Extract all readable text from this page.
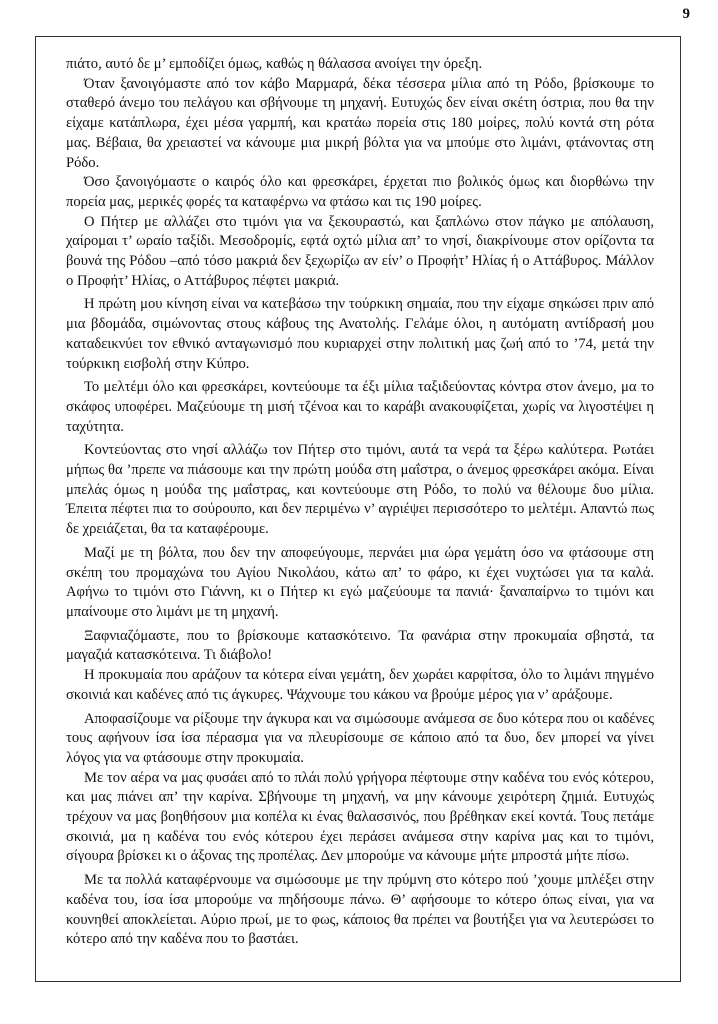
9

πιάτο, αυτό δε μ’ εμποδίζει όμως, καθώς η θάλασσα ανοίγει την όρεξη.

Όταν ξανοιγόμαστε από τον κάβο Μαρμαρά, δέκα τέσσερα μίλια από τη Ρόδο, βρίσκουμε το σταθερό άνεμο του πελάγου και σβήνουμε τη μηχανή. Ευτυχώς δεν είναι σκέτη όστρια, που θα την είχαμε κατάπλωρα, έχει μέσα γαρμπή, και κρατάω πορεία στις 180 μοίρες, πολύ κοντά στη ρότα μας. Βέβαια, θα χρειαστεί να κάνουμε μια μικρή βόλτα για να μπούμε στο λιμάνι, φτάνοντας στη Ρόδο.

Όσο ξανοιγόμαστε ο καιρός όλο και φρεσκάρει, έρχεται πιο βολικός όμως και διορθώνω την πορεία μας, μερικές φορές τα καταφέρνω να φτάσω και τις 190 μοίρες.

Ο Πήτερ με αλλάζει στο τιμόνι για να ξεκουραστώ, και ξαπλώνω στον πάγκο με απόλαυση, χαίρομαι τ’ ωραίο ταξίδι. Μεσοδρομίς, εφτά οχτώ μίλια απ’ το νησί, διακρίνουμε στον ορίζοντα τα βουνά της Ρόδου –από τόσο μακριά δεν ξεχωρίζω αν είν’ ο Προφήτ’ Ηλίας ή ο Αττάβυρος. Μάλλον ο Προφήτ’ Ηλίας, ο Αττάβυρος πέφτει μακριά.

Η πρώτη μου κίνηση είναι να κατεβάσω την τούρκικη σημαία, που την είχαμε σηκώσει πριν από μια βδομάδα, σιμώνοντας στους κάβους της Ανατολής. Γελάμε όλοι, η αυτόματη αντίδρασή μου καταδεικνύει τον εθνικό ανταγωνισμό που κυριαρχεί στην πολιτική μας ζωή από το ’74, μετά την τούρκικη εισβολή στην Κύπρο.

Το μελτέμι όλο και φρεσκάρει, κοντεύουμε τα έξι μίλια ταξιδεύοντας κόντρα στον άνεμο, μα το σκάφος υποφέρει. Μαζεύουμε τη μισή τζένοα και το καράβι ανακουφίζεται, χωρίς να λιγοστέψει η ταχύτητα.

Κοντεύοντας στο νησί αλλάζω τον Πήτερ στο τιμόνι, αυτά τα νερά τα ξέρω καλύτερα. Ρωτάει μήπως θα ’πρεπε να πιάσουμε και την πρώτη μούδα στη μαΐστρα, ο άνεμος φρεσκάρει ακόμα. Είναι μπελάς όμως η μούδα της μαΐστρας, και κοντεύουμε στη Ρόδο, το πολύ να θέλουμε δυο μίλια. Έπειτα πέφτει πια το σούρουπο, και δεν περιμένω ν’ αγριέψει περισσότερο το μελτέμι. Απαντώ πως δε χρειάζεται, θα τα καταφέρουμε.

Μαζί με τη βόλτα, που δεν την αποφεύγουμε, περνάει μια ώρα γεμάτη όσο να φτάσουμε στη σκέπη του προμαχώνα του Αγίου Νικολάου, κάτω απ’ το φάρο, κι έχει νυχτώσει για τα καλά. Αφήνω το τιμόνι στο Γιάννη, κι ο Πήτερ κι εγώ μαζεύουμε τα πανιά· ξαναπαίρνω το τιμόνι και μπαίνουμε στο λιμάνι με τη μηχανή.

Ξαφνιαζόμαστε, που το βρίσκουμε κατασκότεινο. Τα φανάρια στην προκυμαία σβηστά, τα μαγαζιά κατασκότεινα. Τι διάβολο!

Η προκυμαία που αράζουν τα κότερα είναι γεμάτη, δεν χωράει καρφίτσα, όλο το λιμάνι πηγμένο σκοινιά και καδένες από τις άγκυρες. Ψάχνουμε του κάκου να βρούμε μέρος για ν’ αράξουμε.

Αποφασίζουμε να ρίξουμε την άγκυρα και να σιμώσουμε ανάμεσα σε δυο κότερα που οι καδένες τους αφήνουν ίσα ίσα πέρασμα για να πλευρίσουμε σε κάποιο από τα δυο, δεν μπορεί να γίνει λόγος για να φτάσουμε στην προκυμαία.

Με τον αέρα να μας φυσάει από το πλάι πολύ γρήγορα πέφτουμε στην καδένα του ενός κότερου, και μας πιάνει απ’ την καρίνα. Σβήνουμε τη μηχανή, να μην κάνουμε χειρότερη ζημιά. Ευτυχώς τρέχουν να μας βοηθήσουν μια κοπέλα κι ένας θαλασσινός, που βρέθηκαν εκεί κοντά. Τους πετάμε σκοινιά, μα η καδένα του ενός κότερου έχει περάσει ανάμεσα στην καρίνα μας και το τιμόνι, σίγουρα βρίσκει κι ο άξονας της προπέλας. Δεν μπορούμε να κάνουμε μήτε μπροστά μήτε πίσω.

Με τα πολλά καταφέρνουμε να σιμώσουμε με την πρύμνη στο κότερο πού ’χουμε μπλέξει στην καδένα του, ίσα ίσα μπορούμε να πηδήσουμε πάνω. Θ’ αφήσουμε το κότερο όπως είναι, για να κουνηθεί αποκλείεται. Αύριο πρωί, με το φως, κάποιος θα πρέπει να βουτήξει για να λευτερώσει το κότερο από την καδένα που το βαστάει.
